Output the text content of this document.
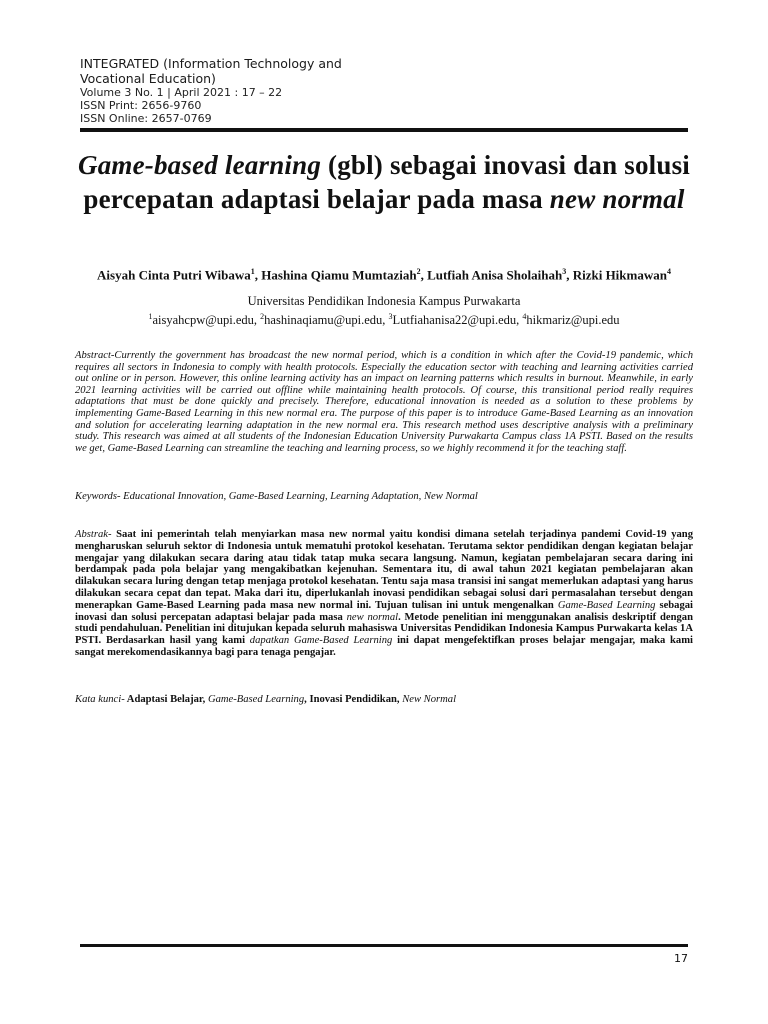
INTEGRATED (Information Technology and Vocational Education)
Volume 3 No. 1 | April 2021 : 17 – 22
ISSN Print: 2656-9760
ISSN Online: 2657-0769
Game-based learning (gbl) sebagai inovasi dan solusi percepatan adaptasi belajar pada masa new normal
Aisyah Cinta Putri Wibawa$^1$, Hashina Qiamu Mumtaziah$^2$, Lutfiah Anisa Sholaihah$^3$, Rizki Hikmawan$^4$
Universitas Pendidikan Indonesia Kampus Purwakarta
$^1$aisyahcpw@upi.edu, $^2$hashinaqiamu@upi.edu, $^3$Lutfiahanisa22@upi.edu, $^4$hikmariz@upi.edu
Abstract-Currently the government has broadcast the new normal period, which is a condition in which after the Covid-19 pandemic, which requires all sectors in Indonesia to comply with health protocols. Especially the education sector with teaching and learning activities carried out online or in person. However, this online learning activity has an impact on learning patterns which results in burnout. Meanwhile, in early 2021 learning activities will be carried out offline while maintaining health protocols. Of course, this transitional period really requires adaptations that must be done quickly and precisely. Therefore, educational innovation is needed as a solution to these problems by implementing Game-Based Learning in this new normal era. The purpose of this paper is to introduce Game-Based Learning as an innovation and solution for accelerating learning adaptation in the new normal era. This research method uses descriptive analysis with a preliminary study. This research was aimed at all students of the Indonesian Education University Purwakarta Campus class 1A PSTI. Based on the results we get, Game-Based Learning can streamline the teaching and learning process, so we highly recommend it for the teaching staff.
Keywords- Educational Innovation, Game-Based Learning, Learning Adaptation, New Normal
Abstrak- Saat ini pemerintah telah menyiarkan masa new normal yaitu kondisi dimana setelah terjadinya pandemi Covid-19 yang mengharuskan seluruh sektor di Indonesia untuk mematuhi protokol kesehatan. Terutama sektor pendidikan dengan kegiatan belajar mengajar yang dilakukan secara daring atau tidak tatap muka secara langsung. Namun, kegiatan pembelajaran secara daring ini berdampak pada pola belajar yang mengakibatkan kejenuhan. Sementara itu, di awal tahun 2021 kegiatan pembelajaran akan dilakukan secara luring dengan tetap menjaga protokol kesehatan. Tentu saja masa transisi ini sangat memerlukan adaptasi yang harus dilakukan secara cepat dan tepat. Maka dari itu, diperlukanlah inovasi pendidikan sebagai solusi dari permasalahan tersebut dengan menerapkan Game-Based Learning pada masa new normal ini. Tujuan tulisan ini untuk mengenalkan Game-Based Learning sebagai inovasi dan solusi percepatan adaptasi belajar pada masa new normal. Metode penelitian ini menggunakan analisis deskriptif dengan studi pendahuluan. Penelitian ini ditujukan kepada seluruh mahasiswa Universitas Pendidikan Indonesia Kampus Purwakarta kelas 1A PSTI. Berdasarkan hasil yang kami dapatkan Game-Based Learning ini dapat mengefektifkan proses belajar mengajar, maka kami sangat merekomendasikannya bagi para tenaga pengajar.
Kata kunci- Adaptasi Belajar, Game-Based Learning, Inovasi Pendidikan, New Normal
17
